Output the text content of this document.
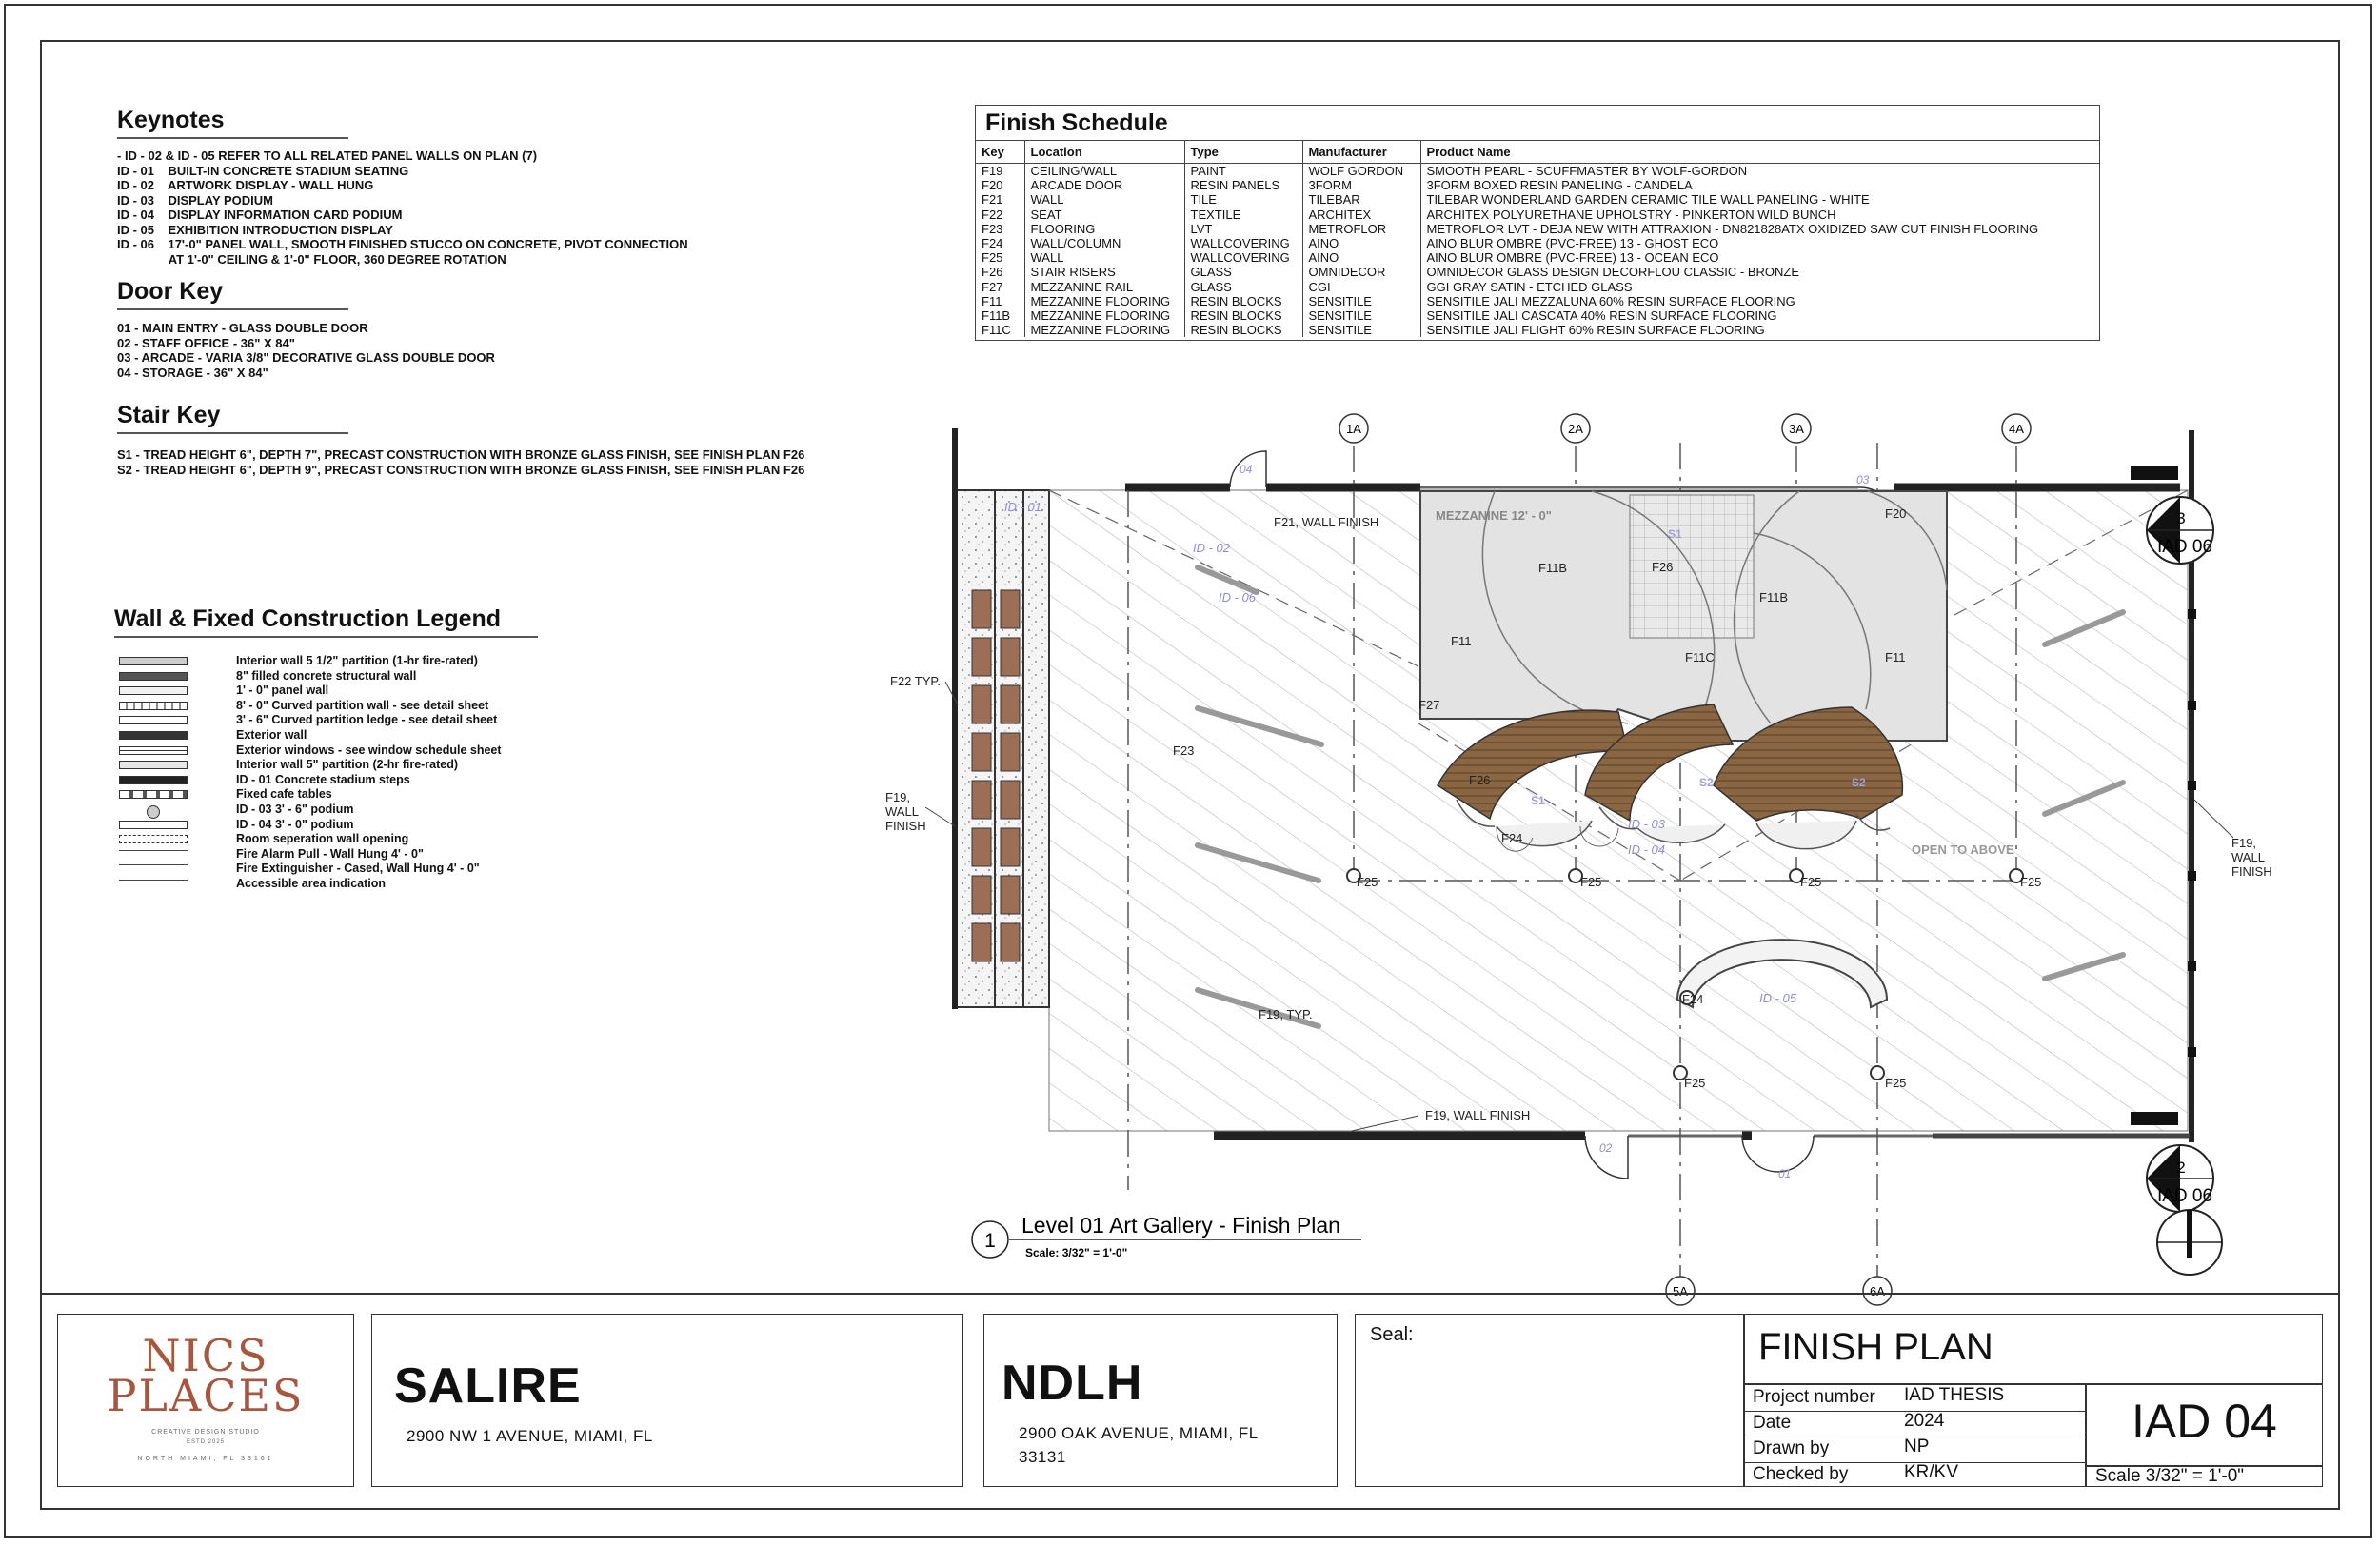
Keynotes
- ID - 02 & ID - 05 REFER TO ALL RELATED PANEL WALLS ON PLAN (7)
ID - 01    BUILT-IN CONCRETE STADIUM SEATING
ID - 02    ARTWORK DISPLAY - WALL HUNG
ID - 03    DISPLAY PODIUM
ID - 04    DISPLAY INFORMATION CARD PODIUM
ID - 05    EXHIBITION INTRODUCTION DISPLAY
ID - 06    17'-0" PANEL WALL, SMOOTH FINISHED STUCCO ON CONCRETE, PIVOT CONNECTION
AT 1'-0" CEILING & 1'-0" FLOOR, 360 DEGREE ROTATION
Door Key
01 - MAIN ENTRY - GLASS DOUBLE DOOR
02 - STAFF OFFICE - 36" X 84"
03 - ARCADE - VARIA 3/8" DECORATIVE GLASS DOUBLE DOOR
04 - STORAGE - 36" X 84"
Stair Key
S1 - TREAD HEIGHT 6", DEPTH 7", PRECAST CONSTRUCTION WITH BRONZE GLASS FINISH, SEE FINISH PLAN F26
S2 - TREAD HEIGHT 6", DEPTH 9", PRECAST CONSTRUCTION WITH BRONZE GLASS FINISH, SEE FINISH PLAN F26
Wall & Fixed Construction Legend
Interior wall 5 1/2" partition (1-hr fire-rated)
8" filled concrete structural wall
1' - 0" panel wall
8' - 0" Curved partition wall - see detail sheet
3' - 6" Curved partition ledge - see detail sheet
Exterior wall
Exterior windows - see window schedule sheet
Interior wall 5" partition (2-hr fire-rated)
ID - 01 Concrete stadium steps
Fixed cafe tables
ID - 03 3' - 6" podium
ID - 04 3' - 0" podium
Room seperation wall opening
Fire Alarm Pull - Wall Hung 4' - 0"
Fire Extinguisher - Cased, Wall Hung 4' - 0"
Accessible area indication
Finish Schedule
Key	Location	Type	Manufacturer	Product Name
F19	CEILING/WALL	PAINT	WOLF GORDON	SMOOTH PEARL - SCUFFMASTER BY WOLF-GORDON
F20	ARCADE DOOR	RESIN PANELS	3FORM	3FORM BOXED RESIN PANELING - CANDELA
F21	WALL	TILE	TILEBAR	TILEBAR WONDERLAND GARDEN CERAMIC TILE WALL PANELING - WHITE
F22	SEAT	TEXTILE	ARCHITEX	ARCHITEX POLYURETHANE UPHOLSTRY - PINKERTON WILD BUNCH
F23	FLOORING	LVT	METROFLOR	METROFLOR LVT - DEJA NEW WITH ATTRAXION - DN821828ATX OXIDIZED SAW CUT FINISH FLOORING
F24	WALL/COLUMN	WALLCOVERING	AINO	AINO BLUR OMBRE (PVC-FREE) 13 - GHOST ECO
F25	WALL	WALLCOVERING	AINO	AINO BLUR OMBRE (PVC-FREE) 13 - OCEAN ECO
F26	STAIR RISERS	GLASS	OMNIDECOR	OMNIDECOR GLASS DESIGN DECORFLOU CLASSIC - BRONZE
F27	MEZZANINE RAIL	GLASS	CGI	GGI GRAY SATIN - ETCHED GLASS
F11	MEZZANINE FLOORING	RESIN BLOCKS	SENSITILE	SENSITILE JALI MEZZALUNA 60% RESIN SURFACE FLOORING
F11B	MEZZANINE FLOORING	RESIN BLOCKS	SENSITILE	SENSITILE JALI CASCATA 40% RESIN SURFACE FLOORING
F11C	MEZZANINE FLOORING	RESIN BLOCKS	SENSITILE	SENSITILE JALI FLIGHT 60% RESIN SURFACE FLOORING
1A	2A	3A	4A
5A	6A
F21, WALL FINISH
F22 TYP.
F19,
WALL
FINISH
F19,
WALL
FINISH
F23
F19, TYP.
F19, WALL FINISH
F11
F11
F11B
F11B
F11C
F26
F26
F27
F20
F24
F24
F25	F25	F25	F25
F25	F25
MEZZANINE 12' - 0"
OPEN TO ABOVE
S1
S2	S2
S1
ID - 01
ID - 02
ID - 06
ID - 03
ID - 04
ID - 05
04
03
02
01
3
IAD 06
2
IAD 06
1
Level 01 Art Gallery - Finish Plan
Scale: 3/32" = 1'-0"
NICS
PLACES
CREATIVE DESIGN STUDIO
ESTD 2025
NORTH MIAMI, FL 33161
SALIRE
2900 NW 1 AVENUE, MIAMI, FL
NDLH
2900 OAK AVENUE, MIAMI, FL
33131
Seal:	FINISH PLAN
Project number IAD THESIS
Date	2024
Drawn by	NP
Checked by	KR/KV
IAD 04
Scale 3/32" = 1'-0"
